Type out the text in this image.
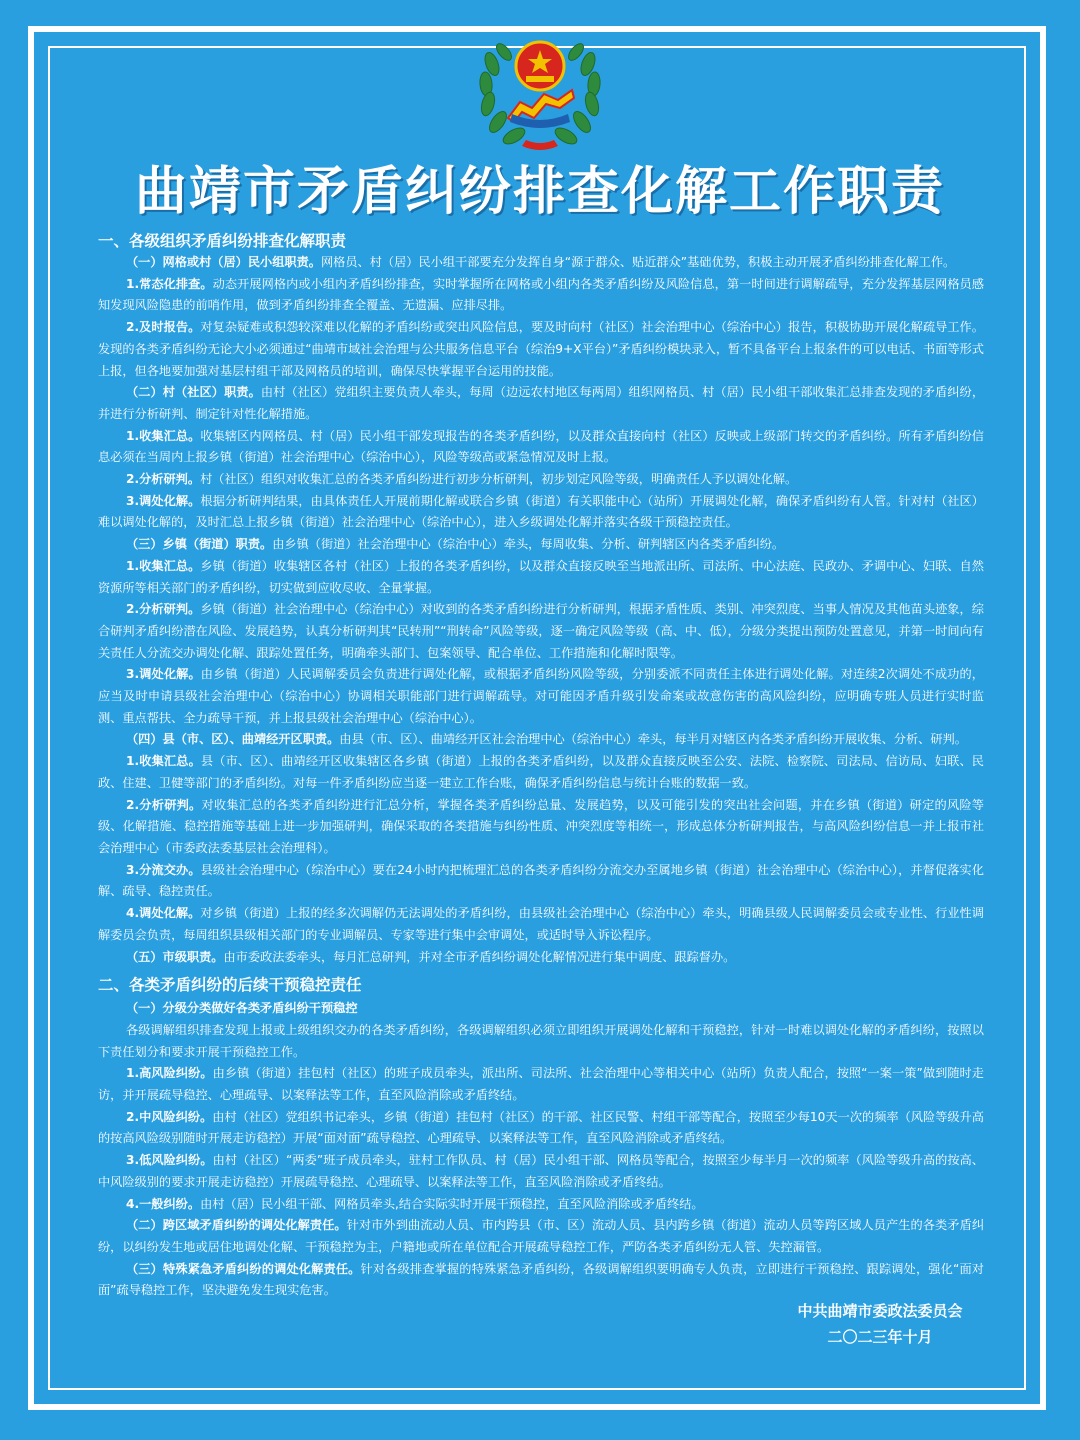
曲靖市矛盾纠纷排查化解工作职责

一、各级组织矛盾纠纷排查化解职责

（一）网格或村（居）民小组职责。网格员、村（居）民小组干部要充分发挥自身“源于群众、贴近群众”基础优势，积极主动开展矛盾纠纷排查化解工作。

1.常态化排查。动态开展网格内或小组内矛盾纠纷排查，实时掌握所在网格或小组内各类矛盾纠纷及风险信息，第一时间进行调解疏导，充分发挥基层网格员感知发现风险隐患的前哨作用，做到矛盾纠纷排查全覆盖、无遗漏、应排尽排。

2.及时报告。对复杂疑难或积怨较深难以化解的矛盾纠纷或突出风险信息，要及时向村（社区）社会治理中心（综治中心）报告，积极协助开展化解疏导工作。发现的各类矛盾纠纷无论大小必须通过“曲靖市域社会治理与公共服务信息平台（综治9+X平台）”矛盾纠纷模块录入，暂不具备平台上报条件的可以电话、书面等形式上报，但各地要加强对基层村组干部及网格员的培训，确保尽快掌握平台运用的技能。

（二）村（社区）职责。由村（社区）党组织主要负责人牵头，每周（边远农村地区每两周）组织网格员、村（居）民小组干部收集汇总排查发现的矛盾纠纷，并进行分析研判、制定针对性化解措施。

1.收集汇总。收集辖区内网格员、村（居）民小组干部发现报告的各类矛盾纠纷，以及群众直接向村（社区）反映或上级部门转交的矛盾纠纷。所有矛盾纠纷信息必须在当周内上报乡镇（街道）社会治理中心（综治中心），风险等级高或紧急情况及时上报。

2.分析研判。村（社区）组织对收集汇总的各类矛盾纠纷进行初步分析研判，初步划定风险等级，明确责任人予以调处化解。

3.调处化解。根据分析研判结果，由具体责任人开展前期化解或联合乡镇（街道）有关职能中心（站所）开展调处化解，确保矛盾纠纷有人管。针对村（社区）难以调处化解的，及时汇总上报乡镇（街道）社会治理中心（综治中心），进入乡级调处化解并落实各级干预稳控责任。

（三）乡镇（街道）职责。由乡镇（街道）社会治理中心（综治中心）牵头，每周收集、分析、研判辖区内各类矛盾纠纷。

1.收集汇总。乡镇（街道）收集辖区各村（社区）上报的各类矛盾纠纷，以及群众直接反映至当地派出所、司法所、中心法庭、民政办、矛调中心、妇联、自然资源所等相关部门的矛盾纠纷，切实做到应收尽收、全量掌握。

2.分析研判。乡镇（街道）社会治理中心（综治中心）对收到的各类矛盾纠纷进行分析研判，根据矛盾性质、类别、冲突烈度、当事人情况及其他苗头迹象，综合研判矛盾纠纷潜在风险、发展趋势，认真分析研判其“民转刑”“刑转命”风险等级，逐一确定风险等级（高、中、低），分级分类提出预防处置意见，并第一时间向有关责任人分流交办调处化解、跟踪处置任务，明确牵头部门、包案领导、配合单位、工作措施和化解时限等。

3.调处化解。由乡镇（街道）人民调解委员会负责进行调处化解，或根据矛盾纠纷风险等级，分别委派不同责任主体进行调处化解。对连续2次调处不成功的，应当及时申请县级社会治理中心（综治中心）协调相关职能部门进行调解疏导。对可能因矛盾升级引发命案或故意伤害的高风险纠纷，应明确专班人员进行实时监测、重点帮扶、全力疏导干预，并上报县级社会治理中心（综治中心）。

（四）县（市、区）、曲靖经开区职责。由县（市、区）、曲靖经开区社会治理中心（综治中心）牵头，每半月对辖区内各类矛盾纠纷开展收集、分析、研判。

1.收集汇总。县（市、区）、曲靖经开区收集辖区各乡镇（街道）上报的各类矛盾纠纷，以及群众直接反映至公安、法院、检察院、司法局、信访局、妇联、民政、住建、卫健等部门的矛盾纠纷。对每一件矛盾纠纷应当逐一建立工作台账，确保矛盾纠纷信息与统计台账的数据一致。

2.分析研判。对收集汇总的各类矛盾纠纷进行汇总分析，掌握各类矛盾纠纷总量、发展趋势，以及可能引发的突出社会问题，并在乡镇（街道）研定的风险等级、化解措施、稳控措施等基础上进一步加强研判，确保采取的各类措施与纠纷性质、冲突烈度等相统一，形成总体分析研判报告，与高风险纠纷信息一并上报市社会治理中心（市委政法委基层社会治理科）。

3.分流交办。县级社会治理中心（综治中心）要在24小时内把梳理汇总的各类矛盾纠纷分流交办至属地乡镇（街道）社会治理中心（综治中心），并督促落实化解、疏导、稳控责任。

4.调处化解。对乡镇（街道）上报的经多次调解仍无法调处的矛盾纠纷，由县级社会治理中心（综治中心）牵头，明确县级人民调解委员会或专业性、行业性调解委员会负责，每周组织县级相关部门的专业调解员、专家等进行集中会审调处，或适时导入诉讼程序。

（五）市级职责。由市委政法委牵头，每月汇总研判，并对全市矛盾纠纷调处化解情况进行集中调度、跟踪督办。

二、各类矛盾纠纷的后续干预稳控责任

（一）分级分类做好各类矛盾纠纷干预稳控

各级调解组织排查发现上报或上级组织交办的各类矛盾纠纷，各级调解组织必须立即组织开展调处化解和干预稳控，针对一时难以调处化解的矛盾纠纷，按照以下责任划分和要求开展干预稳控工作。

1.高风险纠纷。由乡镇（街道）挂包村（社区）的班子成员牵头，派出所、司法所、社会治理中心等相关中心（站所）负责人配合，按照“一案一策”做到随时走访，并开展疏导稳控、心理疏导、以案释法等工作，直至风险消除或矛盾终结。

2.中风险纠纷。由村（社区）党组织书记牵头，乡镇（街道）挂包村（社区）的干部、社区民警、村组干部等配合，按照至少每10天一次的频率（风险等级升高的按高风险级别随时开展走访稳控）开展“面对面”疏导稳控、心理疏导、以案释法等工作，直至风险消除或矛盾终结。

3.低风险纠纷。由村（社区）“两委”班子成员牵头，驻村工作队员、村（居）民小组干部、网格员等配合，按照至少每半月一次的频率（风险等级升高的按高、中风险级别的要求开展走访稳控）开展疏导稳控、心理疏导、以案释法等工作，直至风险消除或矛盾终结。

4.一般纠纷。由村（居）民小组干部、网格员牵头,结合实际实时开展干预稳控，直至风险消除或矛盾终结。

（二）跨区域矛盾纠纷的调处化解责任。针对市外到曲流动人员、市内跨县（市、区）流动人员、县内跨乡镇（街道）流动人员等跨区域人员产生的各类矛盾纠纷，以纠纷发生地或居住地调处化解、干预稳控为主，户籍地或所在单位配合开展疏导稳控工作，严防各类矛盾纠纷无人管、失控漏管。

（三）特殊紧急矛盾纠纷的调处化解责任。针对各级排查掌握的特殊紧急矛盾纠纷，各级调解组织要明确专人负责，立即进行干预稳控、跟踪调处，强化“面对面”疏导稳控工作，坚决避免发生现实危害。

中共曲靖市委政法委员会
二〇二三年十月
